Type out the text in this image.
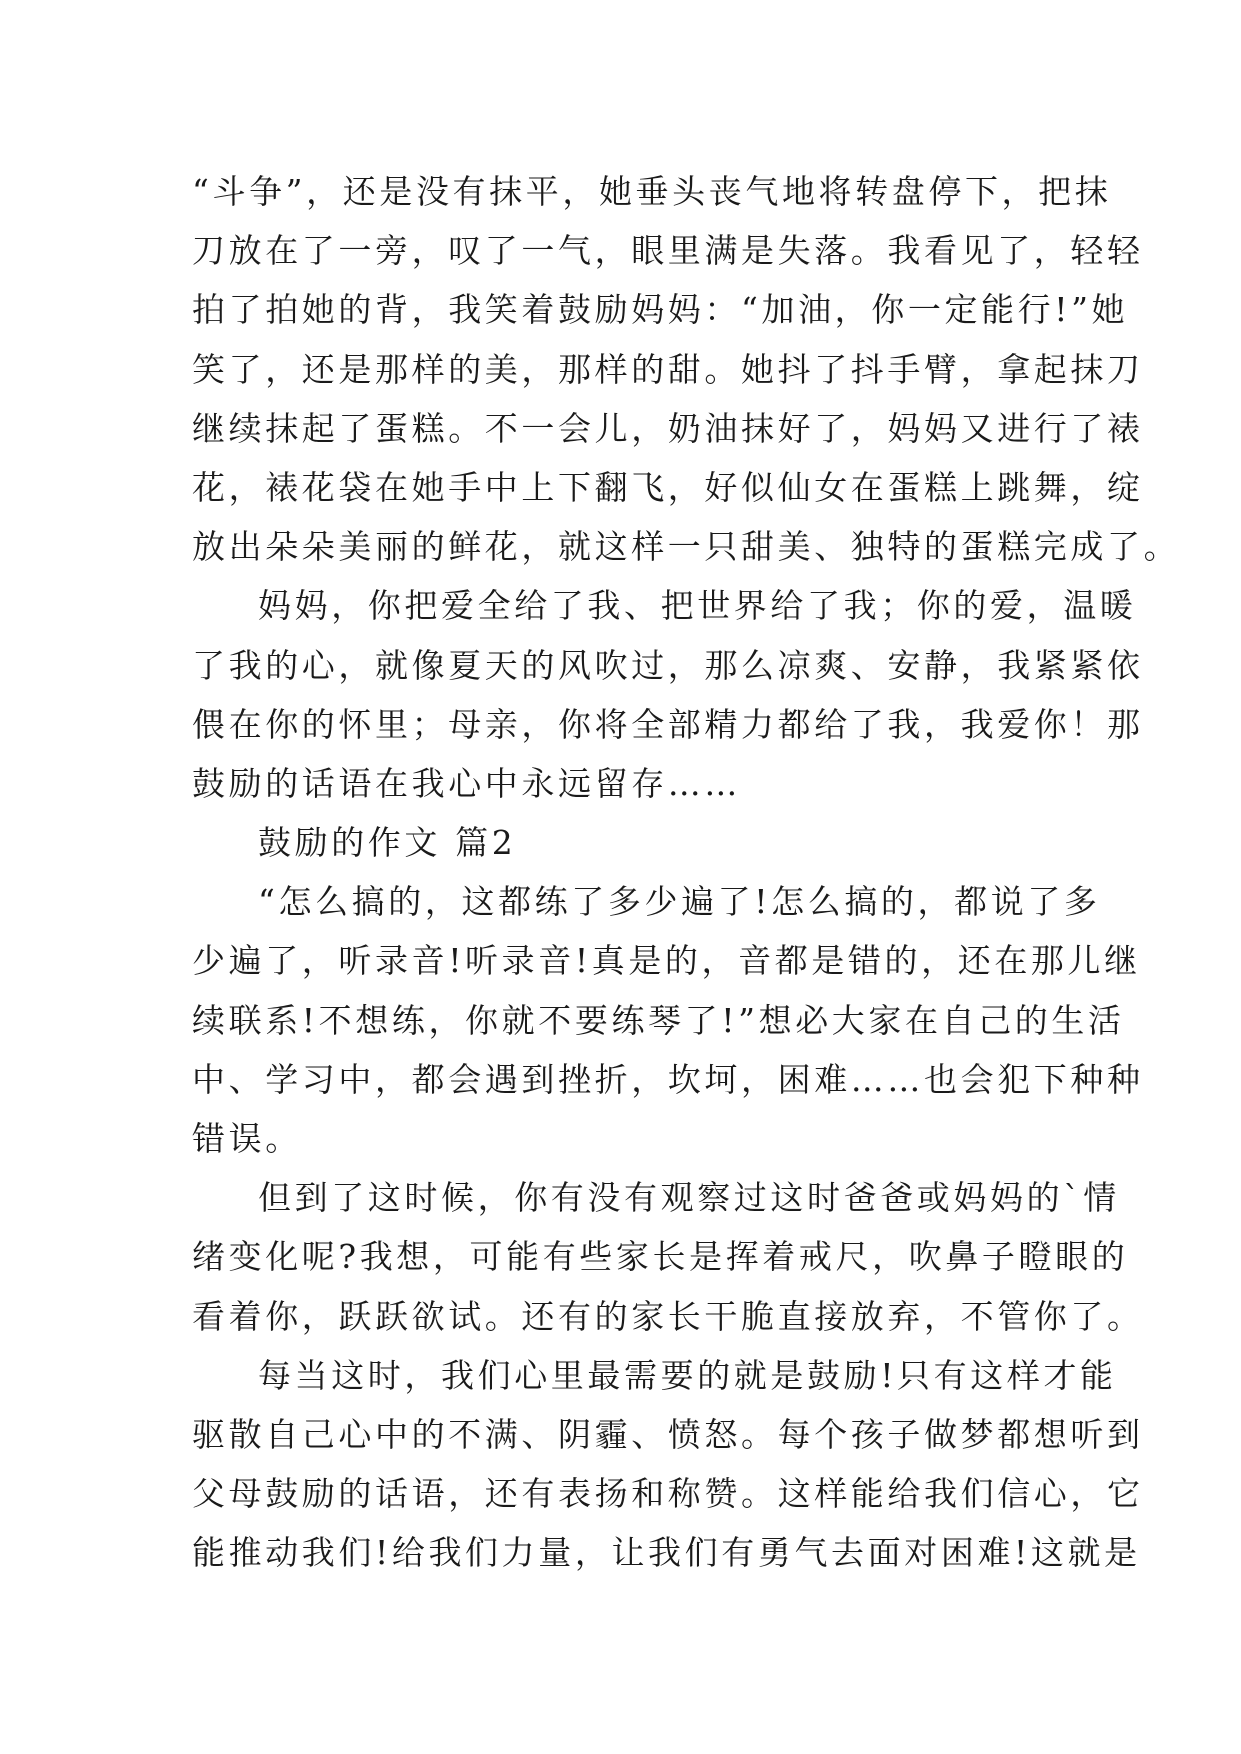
“斗争”，还是没有抹平，她垂头丧气地将转盘停下，把抹
刀放在了一旁，叹了一气，眼里满是失落。我看见了，轻轻
拍了拍她的背，我笑着鼓励妈妈：“加油，你一定能行!”她
笑了，还是那样的美，那样的甜。她抖了抖手臂，拿起抹刀
继续抹起了蛋糕。不一会儿，奶油抹好了，妈妈又进行了裱
花，裱花袋在她手中上下翻飞，好似仙女在蛋糕上跳舞，绽
放出朵朵美丽的鲜花，就这样一只甜美、独特的蛋糕完成了。
妈妈，你把爱全给了我、把世界给了我；你的爱，温暖
了我的心，就像夏天的风吹过，那么凉爽、安静，我紧紧依
偎在你的怀里；母亲，你将全部精力都给了我，我爱你！那
鼓励的话语在我心中永远留存……
鼓励的作文 篇2
“怎么搞的，这都练了多少遍了!怎么搞的，都说了多
少遍了，听录音!听录音!真是的，音都是错的，还在那儿继
续联系!不想练，你就不要练琴了!”想必大家在自己的生活
中、学习中，都会遇到挫折，坎坷，困难……也会犯下种种
错误。
但到了这时候，你有没有观察过这时爸爸或妈妈的`情
绪变化呢?我想，可能有些家长是挥着戒尺，吹鼻子瞪眼的
看着你，跃跃欲试。还有的家长干脆直接放弃，不管你了。
每当这时，我们心里最需要的就是鼓励!只有这样才能
驱散自己心中的不满、阴霾、愤怒。每个孩子做梦都想听到
父母鼓励的话语，还有表扬和称赞。这样能给我们信心，它
能推动我们!给我们力量，让我们有勇气去面对困难!这就是
